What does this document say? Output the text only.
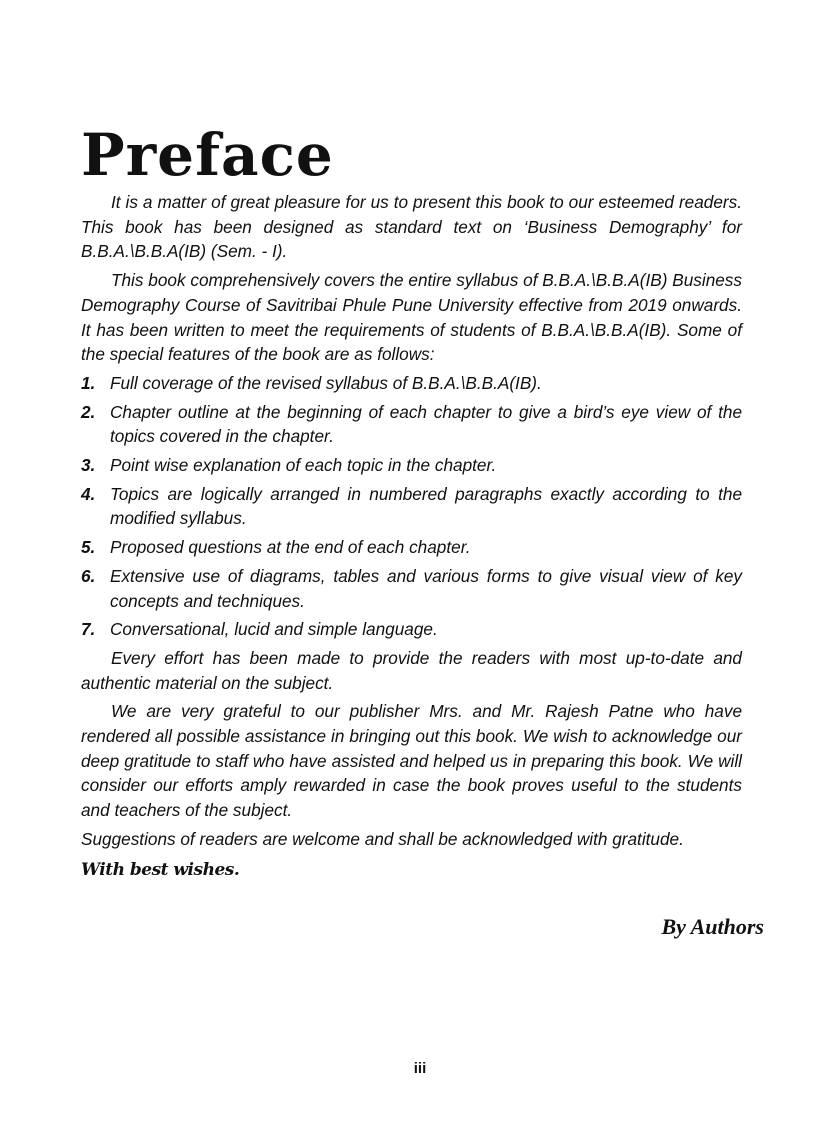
Preface

It is a matter of great pleasure for us to present this book to our esteemed readers. This book has been designed as standard text on ‘Business Demography’ for B.B.A.\B.B.A(IB) (Sem. - I).

This book comprehensively covers the entire syllabus of B.B.A.\B.B.A(IB) Business Demography Course of Savitribai Phule Pune University effective from 2019 onwards. It has been written to meet the requirements of students of B.B.A.\B.B.A(IB). Some of the special features of the book are as follows:

1. Full coverage of the revised syllabus of B.B.A.\B.B.A(IB).
2. Chapter outline at the beginning of each chapter to give a bird’s eye view of the topics covered in the chapter.
3. Point wise explanation of each topic in the chapter.
4. Topics are logically arranged in numbered paragraphs exactly according to the modified syllabus.
5. Proposed questions at the end of each chapter.
6. Extensive use of diagrams, tables and various forms to give visual view of key concepts and techniques.
7. Conversational, lucid and simple language.

Every effort has been made to provide the readers with most up-to-date and authentic material on the subject.

We are very grateful to our publisher Mrs. and Mr. Rajesh Patne who have rendered all possible assistance in bringing out this book. We wish to acknowledge our deep gratitude to staff who have assisted and helped us in preparing this book. We will consider our efforts amply rewarded in case the book proves useful to the students and teachers of the subject.

Suggestions of readers are welcome and shall be acknowledged with gratitude.

With best wishes.

By Authors
iii
